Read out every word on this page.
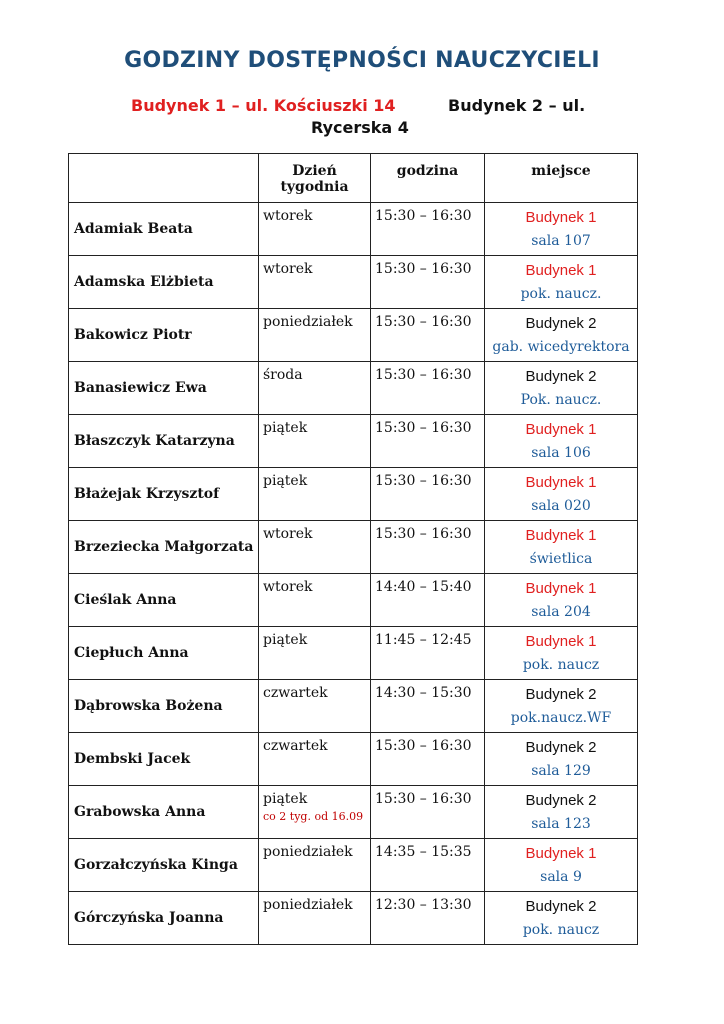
GODZINY DOSTĘPNOŚCI NAUCZYCIELI
Budynek 1 – ul. Kościuszki 14	Budynek 2 – ul.
Rycerska 4
	Dzień tygodnia	godzina	miejsce
Adamiak Beata	wtorek	15:30 – 16:30	Budynek 1
sala 107

Adamska Elżbieta	wtorek	15:30 – 16:30	Budynek 1
pok. naucz.

Bakowicz Piotr	poniedziałek	15:30 – 16:30	Budynek 2
gab. wicedyrektora

Banasiewicz Ewa	środa	15:30 – 16:30	Budynek 2
Pok. naucz.

Błaszczyk Katarzyna	piątek	15:30 – 16:30	Budynek 1
sala 106

Błażejak Krzysztof	piątek	15:30 – 16:30	Budynek 1
sala 020

Brzeziecka Małgorzata	wtorek	15:30 – 16:30	Budynek 1
świetlica

Cieślak Anna	wtorek	14:40 – 15:40	Budynek 1
sala 204

Ciepłuch Anna	piątek	11:45 – 12:45	Budynek 1
pok. naucz

Dąbrowska Bożena	czwartek	14:30 – 15:30	Budynek 2
pok.naucz.WF

Dembski Jacek	czwartek	15:30 – 16:30	Budynek 2
sala 129

Grabowska Anna	piątek
co 2 tyg. od 16.09	15:30 – 16:30	Budynek 2
sala 123

Gorzałczyńska Kinga	poniedziałek	14:35 – 15:35	Budynek 1
sala 9

Górczyńska Joanna	poniedziałek	12:30 – 13:30	Budynek 2
pok. naucz
